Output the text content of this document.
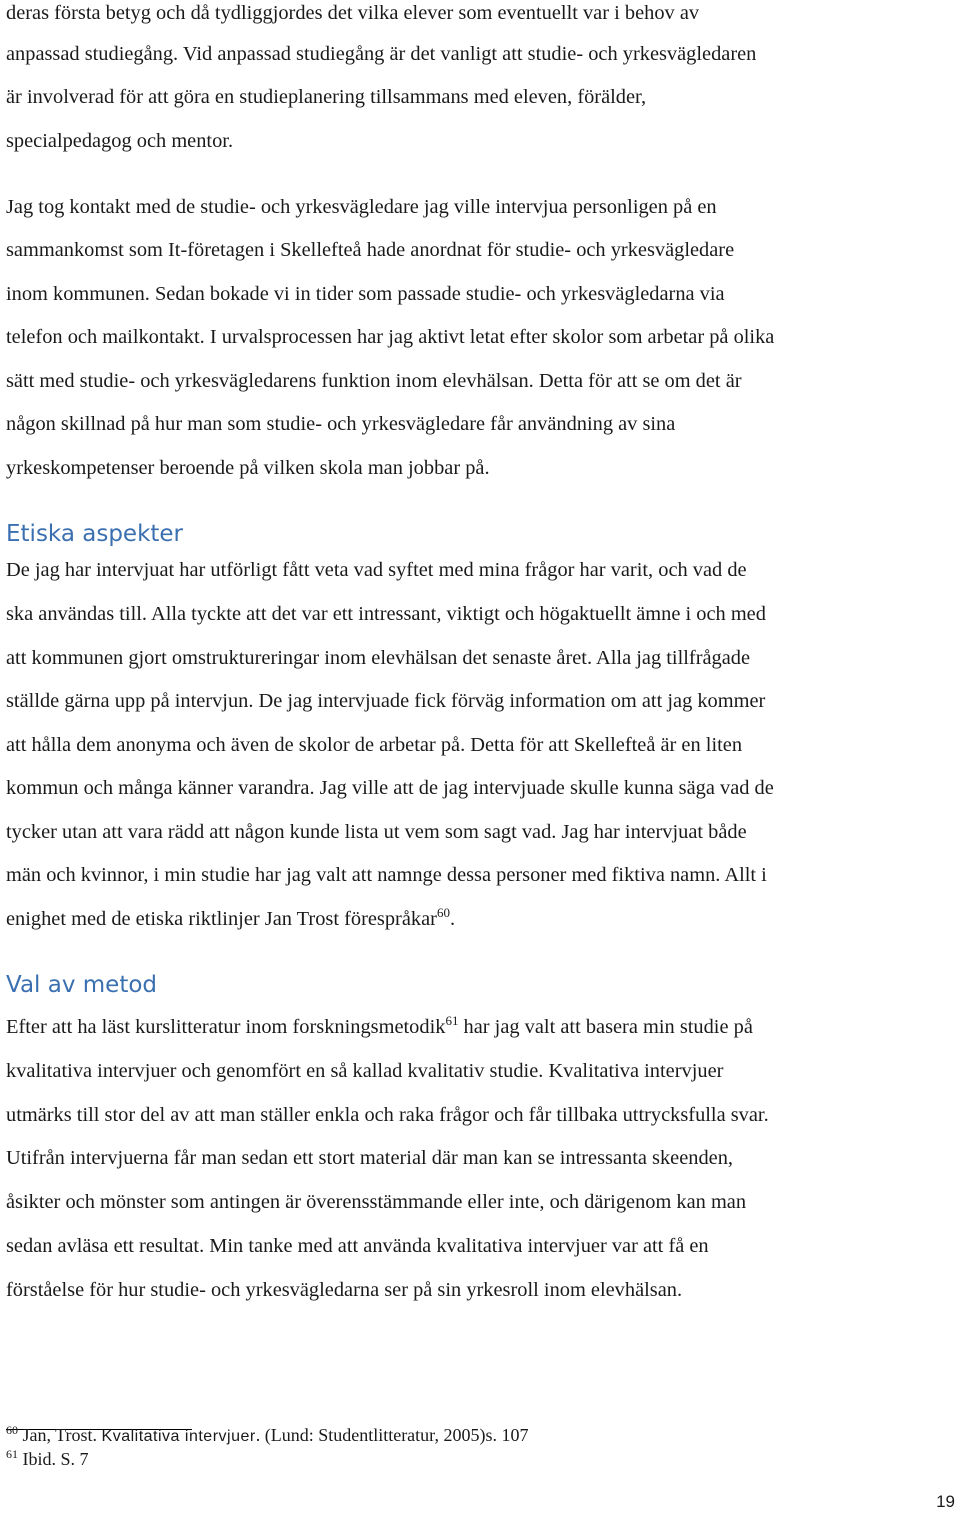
deras första betyg och då tydliggjordes det vilka elever som eventuellt var i behov av
anpassad studiegång. Vid anpassad studiegång är det vanligt att studie- och yrkesvägledaren
är involverad för att göra en studieplanering tillsammans med eleven, förälder,
specialpedagog och mentor.
Jag tog kontakt med de studie- och yrkesvägledare jag ville intervjua personligen på en
sammankomst som It-företagen i Skellefteå hade anordnat för studie- och yrkesvägledare
inom kommunen. Sedan bokade vi in tider som passade studie- och yrkesvägledarna via
telefon och mailkontakt. I urvalsprocessen har jag aktivt letat efter skolor som arbetar på olika
sätt med studie- och yrkesvägledarens funktion inom elevhälsan. Detta för att se om det är
någon skillnad på hur man som studie- och yrkesvägledare får användning av sina
yrkeskompetenser beroende på vilken skola man jobbar på.
Etiska aspekter
De jag har intervjuat har utförligt fått veta vad syftet med mina frågor har varit, och vad de
ska användas till. Alla tyckte att det var ett intressant, viktigt och högaktuellt ämne i och med
att kommunen gjort omstruktureringar inom elevhälsan det senaste året. Alla jag tillfrågade
ställde gärna upp på intervjun. De jag intervjuade fick förväg information om att jag kommer
att hålla dem anonyma och även de skolor de arbetar på. Detta för att Skellefteå är en liten
kommun och många känner varandra. Jag ville att de jag intervjuade skulle kunna säga vad de
tycker utan att vara rädd att någon kunde lista ut vem som sagt vad. Jag har intervjuat både
män och kvinnor, i min studie har jag valt att namnge dessa personer med fiktiva namn. Allt i
enighet med de etiska riktlinjer Jan Trost förespråkar$^{60}$.
Val av metod
Efter att ha läst kurslitteratur inom forskningsmetodik$^{61}$ har jag valt att basera min studie på
kvalitativa intervjuer och genomfört en så kallad kvalitativ studie. Kvalitativa intervjuer
utmärks till stor del av att man ställer enkla och raka frågor och får tillbaka uttrycksfulla svar.
Utifrån intervjuerna får man sedan ett stort material där man kan se intressanta skeenden,
åsikter och mönster som antingen är överensstämmande eller inte, och därigenom kan man
sedan avläsa ett resultat. Min tanke med att använda kvalitativa intervjuer var att få en
förståelse för hur studie- och yrkesvägledarna ser på sin yrkesroll inom elevhälsan.
$^{60}$ Jan, Trost. Kvalitativa intervjuer. (Lund: Studentlitteratur, 2005)s. 107
$^{61}$ Ibid. S. 7
19
